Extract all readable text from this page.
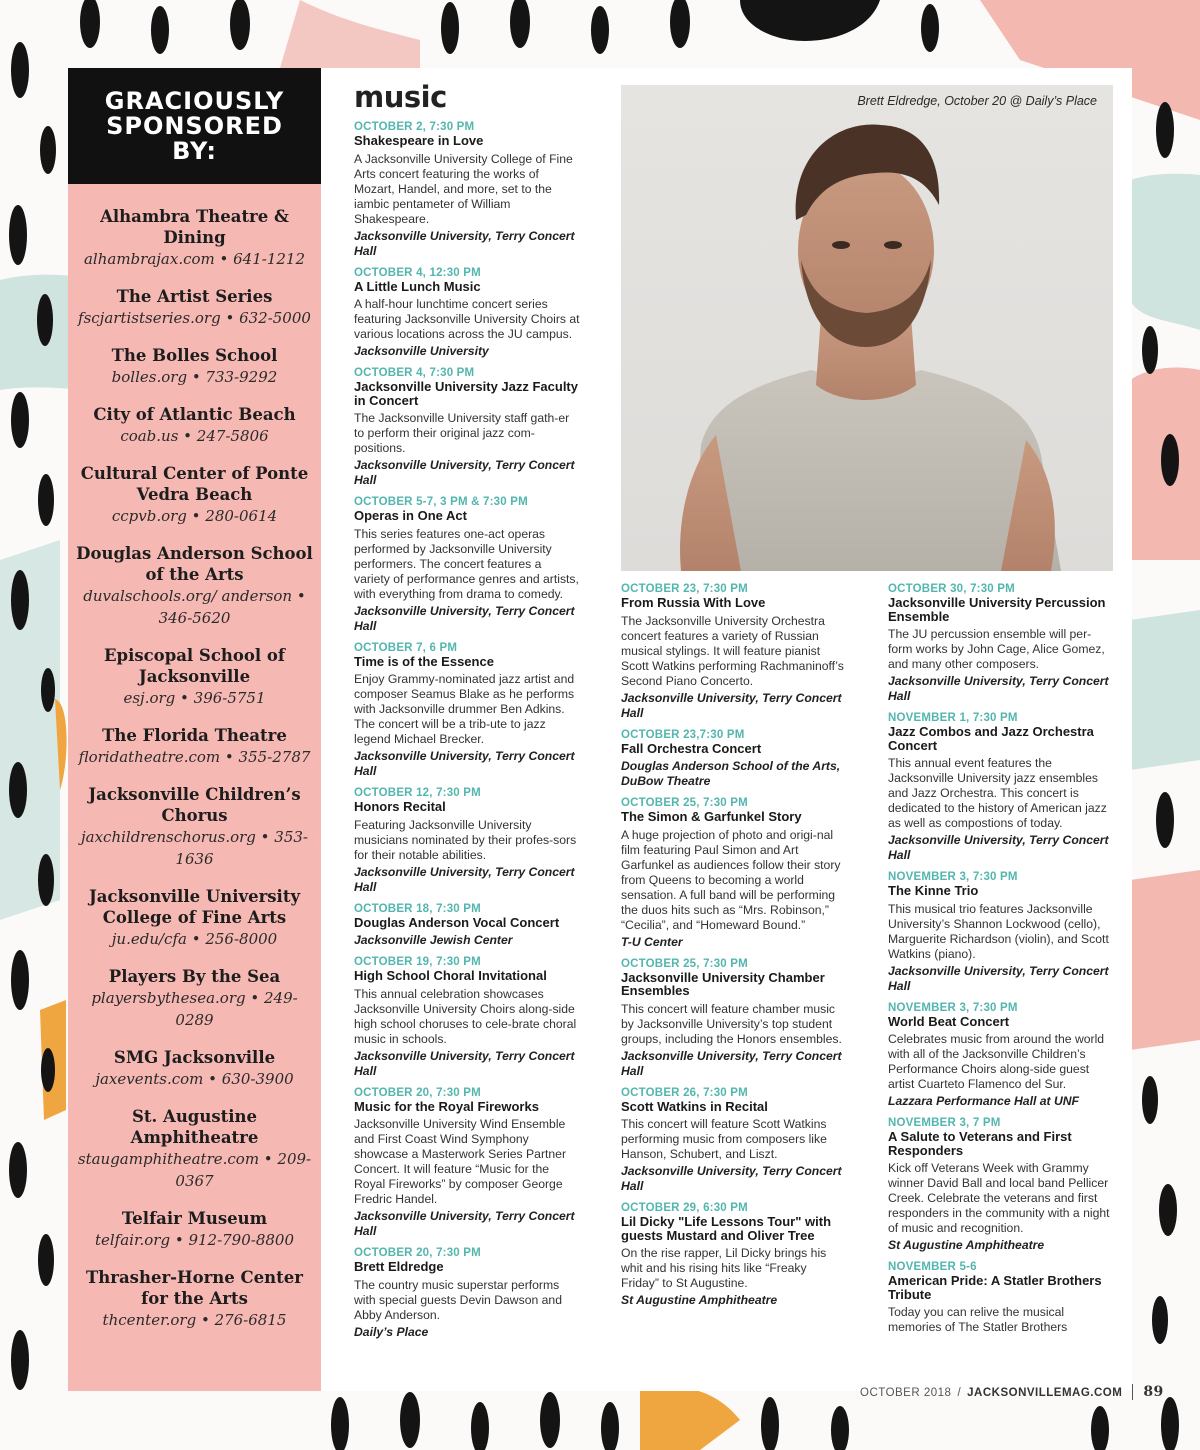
GRACIOUSLY SPONSORED BY:
Alhambra Theatre & Dining
alhambrajax.com • 641-1212
The Artist Series
fscjartistseries.org • 632-5000
The Bolles School
bolles.org • 733-9292
City of Atlantic Beach
coab.us • 247-5806
Cultural Center of Ponte Vedra Beach
ccpvb.org • 280-0614
Douglas Anderson School of the Arts
duvalschools.org/ anderson • 346-5620
Episcopal School of Jacksonville
esj.org • 396-5751
The Florida Theatre
floridatheatre.com • 355-2787
Jacksonville Children’s Chorus
jaxchildrenschorus.org • 353-1636
Jacksonville University College of Fine Arts
ju.edu/cfa • 256-8000
Players By the Sea
playersbythesea.org • 249-0289
SMG Jacksonville
jaxevents.com • 630-3900
St. Augustine Amphitheatre
staugamphitheatre.com • 209-0367
Telfair Museum
telfair.org • 912-790-8800
Thrasher-Horne Center for the Arts
thcenter.org • 276-6815
music	Brett Eldredge, October 20 @ Daily’s Place
OCTOBER 2, 7:30 PM
Shakespeare in Love
A Jacksonville University College of Fine Arts concert featuring the works of Mozart, Handel, and more, set to the iambic pentameter of William Shakespeare.
Jacksonville University, Terry Concert Hall
OCTOBER 4, 12:30 PM
A Little Lunch Music
A half-hour lunchtime concert series featuring Jacksonville University Choirs at various locations across the JU campus.
Jacksonville University
OCTOBER 4, 7:30 PM
Jacksonville University Jazz Faculty in Concert
The Jacksonville University staff gath-er to perform their original jazz com-positions.
Jacksonville University, Terry Concert Hall
OCTOBER 5-7, 3 PM & 7:30 PM
Operas in One Act
This series features one-act operas performed by Jacksonville University performers. The concert features a variety of performance genres and artists, with everything from drama to comedy.
Jacksonville University, Terry Concert Hall
OCTOBER 7, 6 PM
Time is of the Essence
Enjoy Grammy-nominated jazz artist and composer Seamus Blake as he performs with Jacksonville drummer Ben Adkins. The concert will be a trib-ute to jazz legend Michael Brecker.
Jacksonville University, Terry Concert Hall
OCTOBER 12, 7:30 PM
Honors Recital
Featuring Jacksonville University musicians nominated by their profes-sors for their notable abilities.
Jacksonville University, Terry Concert Hall
OCTOBER 18, 7:30 PM
Douglas Anderson Vocal Concert
Jacksonville Jewish Center
OCTOBER 19, 7:30 PM
High School Choral Invitational
This annual celebration showcases Jacksonville University Choirs along-side high school choruses to cele-brate choral music in schools.
Jacksonville University, Terry Concert Hall
OCTOBER 20, 7:30 PM
Music for the Royal Fireworks
Jacksonville University Wind Ensemble and First Coast Wind Symphony showcase a Masterwork Series Partner Concert. It will feature “Music for the Royal Fireworks” by composer George Fredric Handel.
Jacksonville University, Terry Concert Hall
OCTOBER 20, 7:30 PM
Brett Eldredge
The country music superstar performs with special guests Devin Dawson and Abby Anderson.
Daily’s Place
OCTOBER 23, 7:30 PM
From Russia With Love
The Jacksonville University Orchestra concert features a variety of Russian musical stylings. It will feature pianist Scott Watkins performing Rachmaninoff’s Second Piano Concerto.
Jacksonville University, Terry Concert Hall
OCTOBER 23,7:30 PM
Fall Orchestra Concert
Douglas Anderson School of the Arts, DuBow Theatre
OCTOBER 25, 7:30 PM
The Simon & Garfunkel Story
A huge projection of photo and origi-nal film featuring Paul Simon and Art Garfunkel as audiences follow their story from Queens to becoming a world sensation. A full band will be performing the duos hits such as “Mrs. Robinson,” “Cecilia”, and “Homeward Bound.”
T-U Center
OCTOBER 25, 7:30 PM
Jacksonville University Chamber Ensembles
This concert will feature chamber music by Jacksonville University’s top student groups, including the Honors ensembles.
Jacksonville University, Terry Concert Hall
OCTOBER 26, 7:30 PM
Scott Watkins in Recital
This concert will feature Scott Watkins performing music from composers like Hanson, Schubert, and Liszt.
Jacksonville University, Terry Concert Hall
OCTOBER 29, 6:30 PM
Lil Dicky "Life Lessons Tour" with guests Mustard and Oliver Tree
On the rise rapper, Lil Dicky brings his whit and his rising hits like “Freaky Friday” to St Augustine.
St Augustine Amphitheatre
OCTOBER 30, 7:30 PM
Jacksonville University Percussion Ensemble
The JU percussion ensemble will per-form works by John Cage, Alice Gomez, and many other composers.
Jacksonville University, Terry Concert Hall
NOVEMBER 1, 7:30 PM
Jazz Combos and Jazz Orchestra Concert
This annual event features the Jacksonville University jazz ensembles and Jazz Orchestra. This concert is dedicated to the history of American jazz as well as compostions of today.
Jacksonville University, Terry Concert Hall
NOVEMBER 3, 7:30 PM
The Kinne Trio
This musical trio features Jacksonville University’s Shannon Lockwood (cello), Marguerite Richardson (violin), and Scott Watkins (piano).
Jacksonville University, Terry Concert Hall
NOVEMBER 3, 7:30 PM
World Beat Concert
Celebrates music from around the world with all of the Jacksonville Children’s Performance Choirs along-side guest artist Cuarteto Flamenco del Sur.
Lazzara Performance Hall at UNF
NOVEMBER 3, 7 PM
A Salute to Veterans and First Responders
Kick off Veterans Week with Grammy winner David Ball and local band Pellicer Creek. Celebrate the veterans and first responders in the community with a night of music and recognition.
St Augustine Amphitheatre
NOVEMBER 5-6
American Pride: A Statler Brothers Tribute
Today you can relive the musical memories of The Statler Brothers
OCTOBER 2018 / JACKSONVILLEMAG.COM 89
